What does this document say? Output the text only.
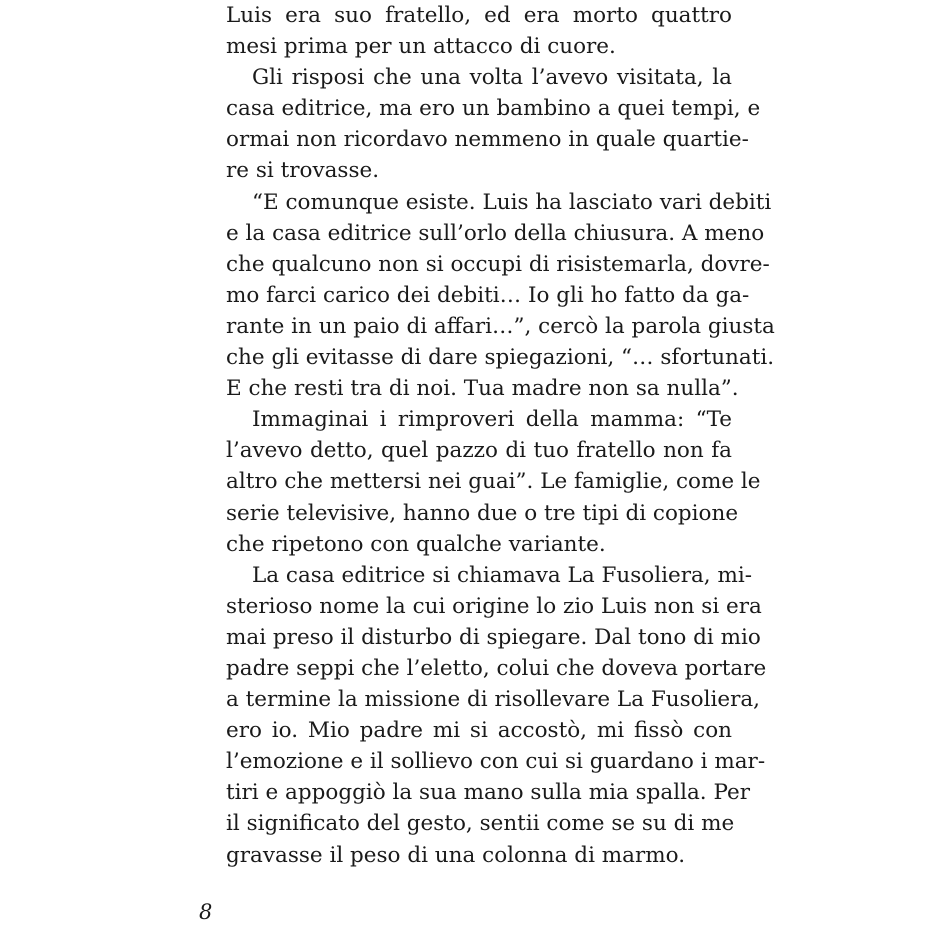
Luis era suo fratello, ed era morto quattro
mesi prima per un attacco di cuore.
Gli risposi che una volta l’avevo visitata, la
casa editrice, ma ero un bambino a quei tempi, e
ormai non ricordavo nemmeno in quale quartie-
re si trovasse.
“E comunque esiste. Luis ha lasciato vari debiti
e la casa editrice sull’orlo della chiusura. A meno
che qualcuno non si occupi di risistemarla, dovre-
mo farci carico dei debiti… Io gli ho fatto da ga-
rante in un paio di affari…”, cercò la parola giusta
che gli evitasse di dare spiegazioni, “… sfortunati.
E che resti tra di noi. Tua madre non sa nulla”.
Immaginai i rimproveri della mamma: “Te
l’avevo detto, quel pazzo di tuo fratello non fa
altro che mettersi nei guai”. Le famiglie, come le
serie televisive, hanno due o tre tipi di copione
che ripetono con qualche variante.
La casa editrice si chiamava La Fusoliera, mi-
sterioso nome la cui origine lo zio Luis non si era
mai preso il disturbo di spiegare. Dal tono di mio
padre seppi che l’eletto, colui che doveva portare
a termine la missione di risollevare La Fusoliera,
ero io. Mio padre mi si accostò, mi fissò con
l’emozione e il sollievo con cui si guardano i mar-
tiri e appoggiò la sua mano sulla mia spalla. Per
il significato del gesto, sentii come se su di me
gravasse il peso di una colonna di marmo.
8
